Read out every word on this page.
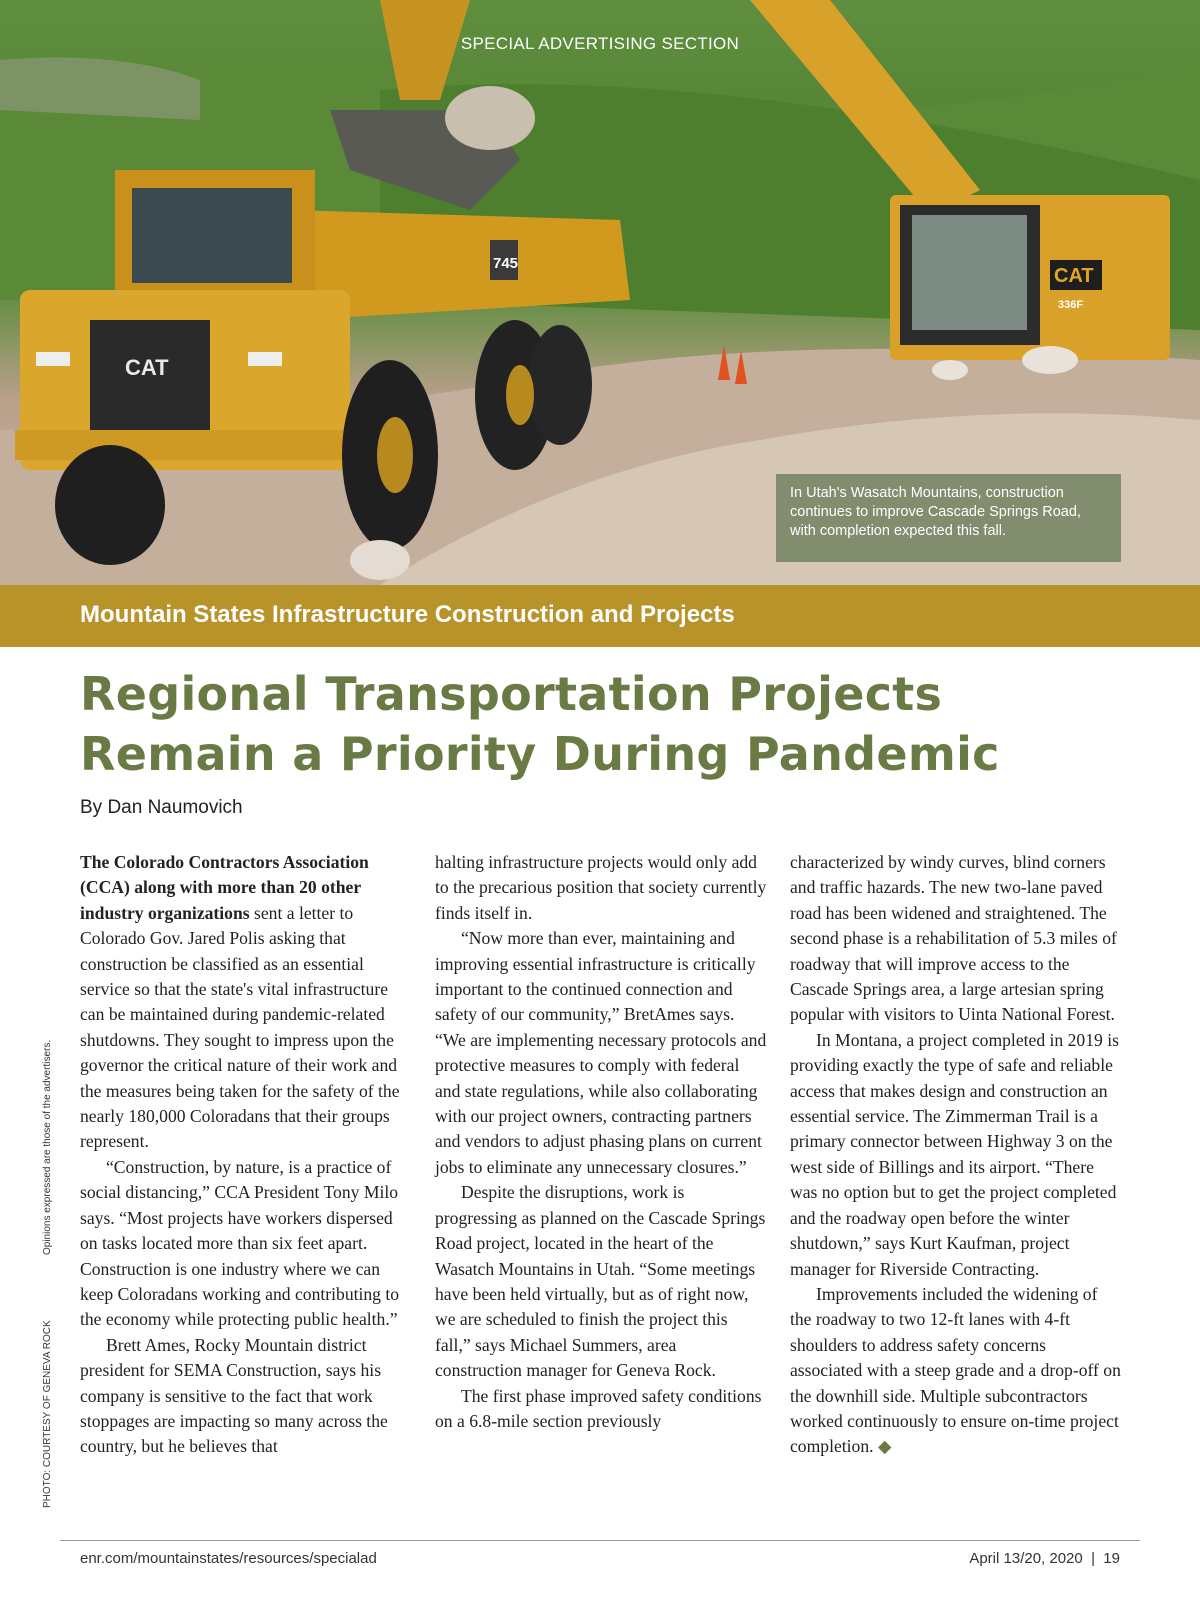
CAT
336F
745
CAT
SPECIAL ADVERTISING SECTION
In Utah's Wasatch Mountains, construction continues to improve Cascade Springs Road, with completion expected this fall.
Mountain States Infrastructure Construction and Projects
Regional Transportation Projects
Remain a Priority During Pandemic
By Dan Naumovich

The Colorado Contractors Association (CCA) along with more than 20 other industry organizations sent a letter to Colorado Gov. Jared Polis asking that construction be classified as an essential service so that the state's vital infrastructure can be maintained during pandemic-related shutdowns. They sought to impress upon the governor the critical nature of their work and the measures being taken for the safety of the nearly 180,000 Coloradans that their groups represent.

“Construction, by nature, is a practice of social distancing,” CCA President Tony Milo says. “Most projects have workers dispersed on tasks located more than six feet apart. Construction is one industry where we can keep Coloradans working and contributing to the economy while protecting public health.”

Brett Ames, Rocky Mountain district president for SEMA Construction, says his company is sensitive to the fact that work stoppages are impacting so many across the country, but he believes that

halting infrastructure projects would only add to the precarious position that society currently finds itself in.

“Now more than ever, maintaining and improving essential infrastructure is critically important to the continued connection and safety of our community,” BretAmes says. “We are implementing necessary protocols and protective measures to comply with federal and state regulations, while also collaborating with our project owners, contracting partners and vendors to adjust phasing plans on current jobs to eliminate any unnecessary closures.”

Despite the disruptions, work is progressing as planned on the Cascade Springs Road project, located in the heart of the Wasatch Mountains in Utah. “Some meetings have been held virtually, but as of right now, we are scheduled to finish the project this fall,” says Michael Summers, area construction manager for Geneva Rock.

The first phase improved safety conditions on a 6.8-mile section previously

characterized by windy curves, blind corners and traffic hazards. The new two-lane paved road has been widened and straightened. The second phase is a rehabilitation of 5.3 miles of roadway that will improve access to the Cascade Springs area, a large artesian spring popular with visitors to Uinta National Forest.

In Montana, a project completed in 2019 is providing exactly the type of safe and reliable access that makes design and construction an essential service. The Zimmerman Trail is a primary connector between Highway 3 on the west side of Billings and its airport. “There was no option but to get the project completed and the roadway open before the winter shutdown,” says Kurt Kaufman, project manager for Riverside Contracting.

Improvements included the widening of the roadway to two 12-ft lanes with 4-ft shoulders to address safety concerns associated with a steep grade and a drop-off on the downhill side. Multiple subcontractors worked continuously to ensure on-time project completion. ◆

Opinions expressed are those of the advertisers.
PHOTO: COURTESY OF GENEVA ROCK
enr.com/mountainstates/resources/specialad	April 13/20, 2020  |  19
